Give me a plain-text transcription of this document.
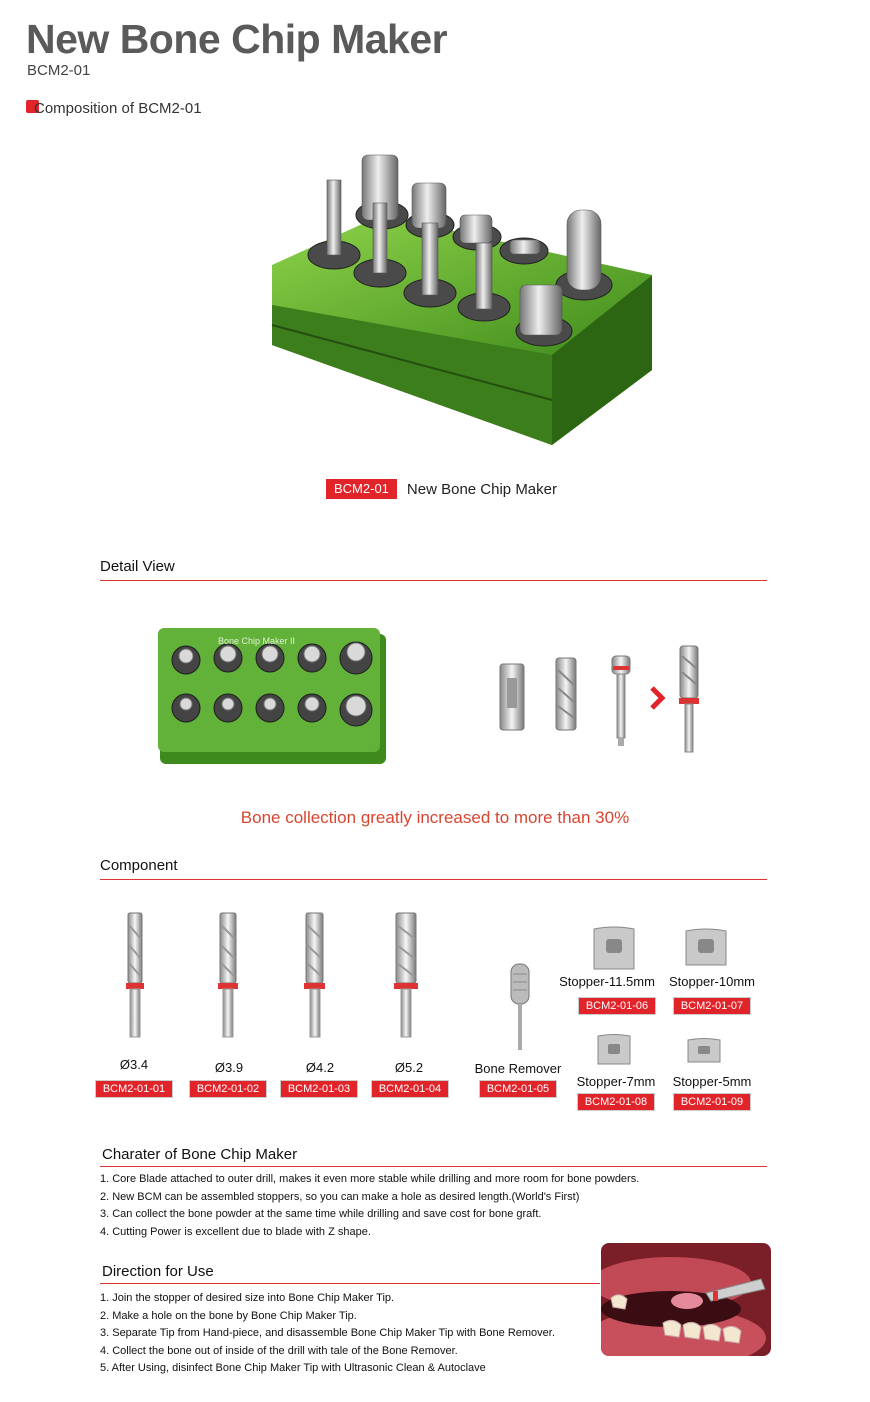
New Bone Chip Maker
BCM2-01
Composition of BCM2-01
BCM2-01	New Bone Chip Maker
Detail View
Bone Chip Maker II
Bone collection greatly increased to more than 30%
Component
Ø3.4	Ø3.9	Ø4.2	Ø5.2	Bone Remover
BCM2-01-01	BCM2-01-02	BCM2-01-03	BCM2-01-04	BCM2-01-05
Stopper-11.5mm	Stopper-10mm
BCM2-01-06	BCM2-01-07
Stopper-7mm	Stopper-5mm
BCM2-01-08	BCM2-01-09
Charater of Bone Chip Maker
1. Core Blade attached to outer drill, makes it even more stable while drilling and more room for bone powders.
2. New BCM can be assembled stoppers, so you can make a hole as desired length.(World's First)
3. Can collect the bone powder at the same time while drilling and save cost for bone graft.
4. Cutting Power is excellent due to blade with Z shape.
Direction for Use
1. Join the stopper of desired size into Bone Chip Maker Tip.
2. Make a hole on the bone by Bone Chip Maker Tip.
3. Separate Tip from Hand-piece, and disassemble Bone Chip Maker Tip with Bone Remover.
4. Collect the bone out of inside of the drill with tale of the Bone Remover.
5. After Using, disinfect Bone Chip Maker Tip with Ultrasonic Clean & Autoclave
